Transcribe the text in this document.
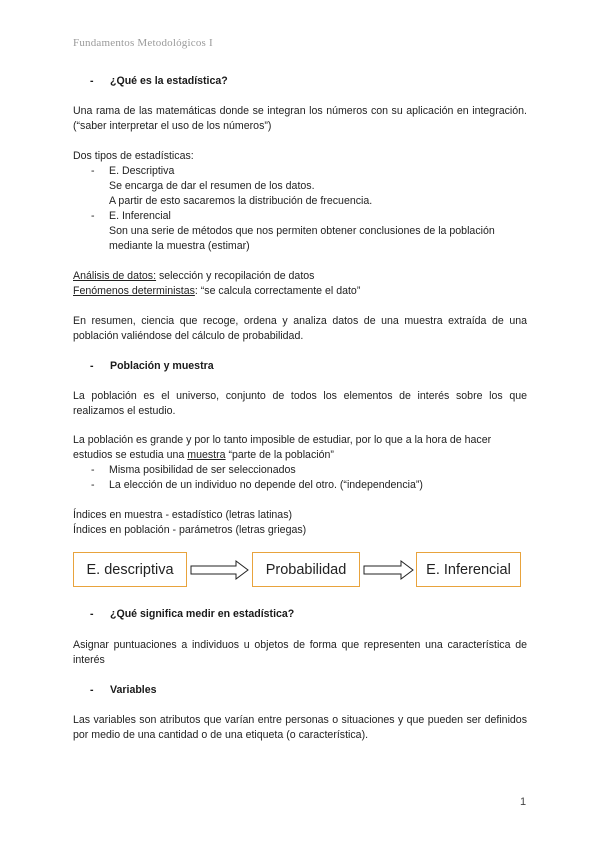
Fundamentos Metodológicos I
- ¿Qué es la estadística?
Una rama de las matemáticas donde se integran los números con su aplicación en integración. (“saber interpretar el uso de los números”)
Dos tipos de estadísticas:
- E. Descriptiva
Se encarga de dar el resumen de los datos.
A partir de esto sacaremos la distribución de frecuencia.
- E. Inferencial
Son una serie de métodos que nos permiten obtener conclusiones de la población
mediante la muestra (estimar)
Análisis de datos: selección y recopilación de datos
Fenómenos deterministas: “se calcula correctamente el dato”
En resumen, ciencia que recoge, ordena y analiza datos de una muestra extraída de una población valiéndose del cálculo de probabilidad.
- Población y muestra
La población es el universo, conjunto de todos los elementos de interés sobre los que realizamos el estudio.
La población es grande y por lo tanto imposible de estudiar, por lo que a la hora de hacer
estudios se estudia una muestra “parte de la población”
- Misma posibilidad de ser seleccionados
- La elección de un individuo no depende del otro. (“independencia”)
Índices en muestra - estadístico (letras latinas)
Índices en población - parámetros (letras griegas)
E. descriptiva	Probabilidad	E. Inferencial
- ¿Qué significa medir en estadística?
Asignar puntuaciones a individuos u objetos de forma que representen una característica de interés
- Variables
Las variables son atributos que varían entre personas o situaciones y que pueden ser definidos por medio de una cantidad o de una etiqueta (o característica).
1
